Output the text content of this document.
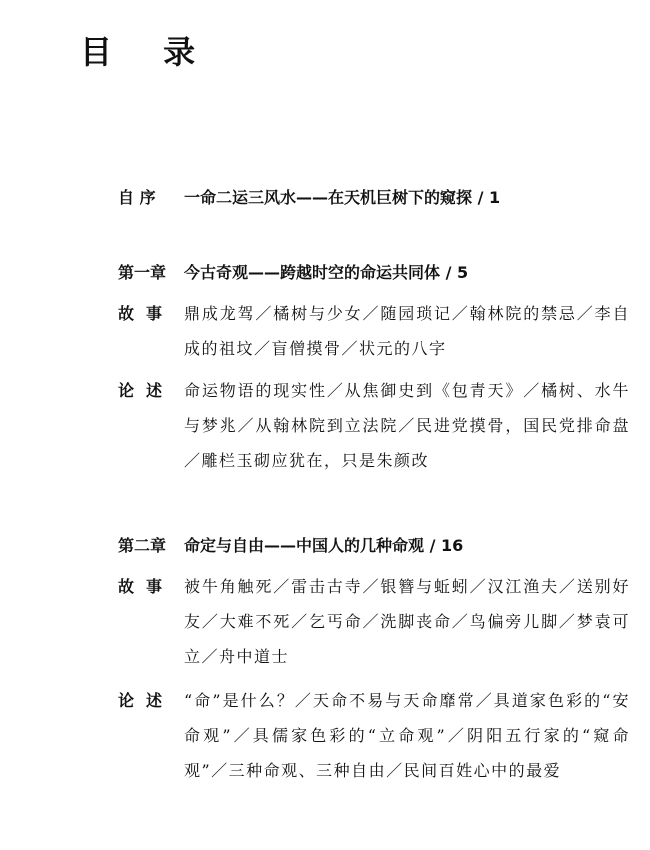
目 录
自 序 一命二运三风水——在天机巨树下的窥探 / 1
第一章 今古奇观——跨越时空的命运共同体 / 5
故事 鼎成龙驾／橘树与少女／随园琐记／翰林院的禁忌／李自成的祖坟／盲僧摸骨／状元的八字
论述 命运物语的现实性／从焦御史到《包青天》／橘树、水牛与梦兆／从翰林院到立法院／民进党摸骨，国民党排命盘／雕栏玉砌应犹在，只是朱颜改
第二章 命定与自由——中国人的几种命观 / 16
故事 被牛角触死／雷击古寺／银簪与蚯蚓／汉江渔夫／送别好友／大难不死／乞丐命／洗脚丧命／鸟偏旁儿脚／梦袁可立／舟中道士
论述 “命”是什么？／天命不易与天命靡常／具道家色彩的“安命观”／具儒家色彩的“立命观”／阴阳五行家的“窥命观”／三种命观、三种自由／民间百姓心中的最爱
